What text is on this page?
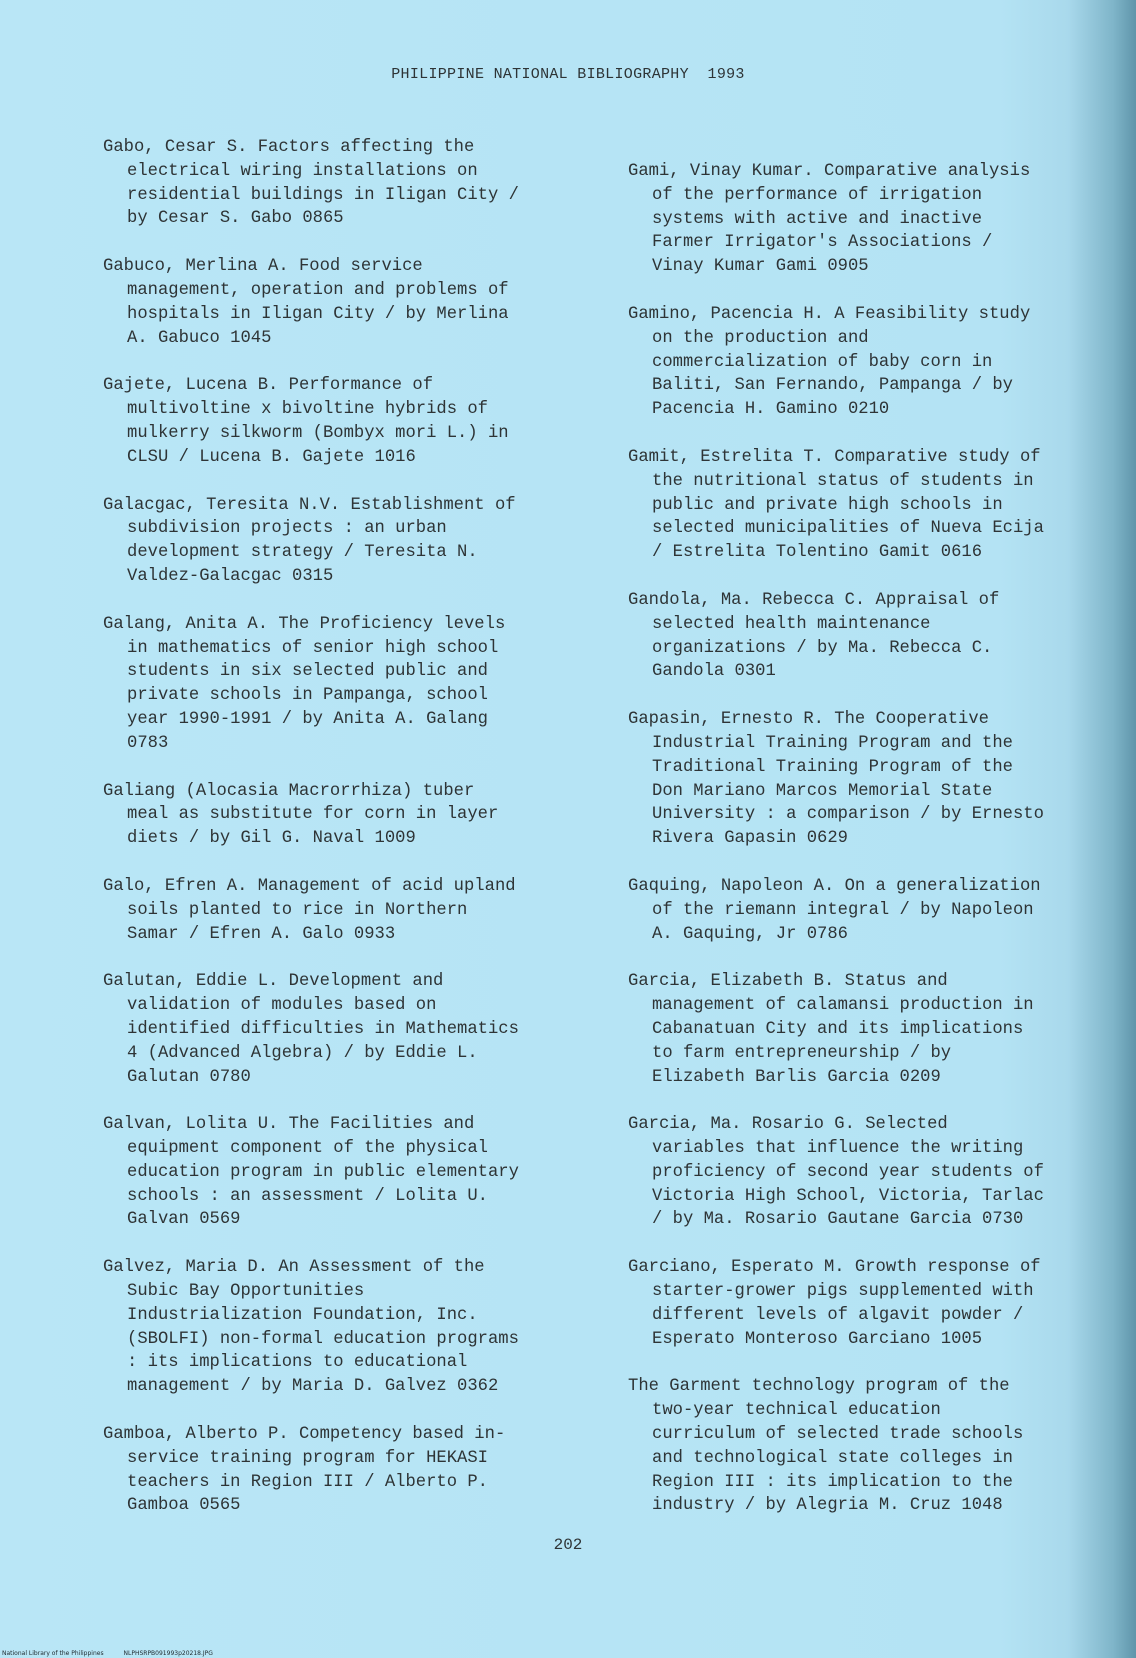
PHILIPPINE NATIONAL BIBLIOGRAPHY 1993
Gabo, Cesar S. Factors affecting the
electrical wiring installations on
residential buildings in Iligan City /
by Cesar S. Gabo 0865
Gabuco, Merlina A. Food service
management, operation and problems of
hospitals in Iligan City / by Merlina
A. Gabuco 1045
Gajete, Lucena B. Performance of
multivoltine x bivoltine hybrids of
mulkerry silkworm (Bombyx mori L.) in
CLSU / Lucena B. Gajete 1016
Galacgac, Teresita N.V. Establishment of
subdivision projects : an urban
development strategy / Teresita N.
Valdez-Galacgac 0315
Galang, Anita A. The Proficiency levels
in mathematics of senior high school
students in six selected public and
private schools in Pampanga, school
year 1990-1991 / by Anita A. Galang
0783
Galiang (Alocasia Macrorrhiza) tuber
meal as substitute for corn in layer
diets / by Gil G. Naval 1009
Galo, Efren A. Management of acid upland
soils planted to rice in Northern
Samar / Efren A. Galo 0933
Galutan, Eddie L. Development and
validation of modules based on
identified difficulties in Mathematics
4 (Advanced Algebra) / by Eddie L.
Galutan 0780
Galvan, Lolita U. The Facilities and
equipment component of the physical
education program in public elementary
schools : an assessment / Lolita U.
Galvan 0569
Galvez, Maria D. An Assessment of the
Subic Bay Opportunities
Industrialization Foundation, Inc.
(SBOLFI) non-formal education programs
: its implications to educational
management / by Maria D. Galvez 0362
Gamboa, Alberto P. Competency based in-
service training program for HEKASI
teachers in Region III / Alberto P.
Gamboa 0565
Gami, Vinay Kumar. Comparative analysis
of the performance of irrigation
systems with active and inactive
Farmer Irrigator's Associations /
Vinay Kumar Gami 0905
Gamino, Pacencia H. A Feasibility study
on the production and
commercialization of baby corn in
Baliti, San Fernando, Pampanga / by
Pacencia H. Gamino 0210
Gamit, Estrelita T. Comparative study of
the nutritional status of students in
public and private high schools in
selected municipalities of Nueva Ecija
/ Estrelita Tolentino Gamit 0616
Gandola, Ma. Rebecca C. Appraisal of
selected health maintenance
organizations / by Ma. Rebecca C.
Gandola 0301
Gapasin, Ernesto R. The Cooperative
Industrial Training Program and the
Traditional Training Program of the
Don Mariano Marcos Memorial State
University : a comparison / by Ernesto
Rivera Gapasin 0629
Gaquing, Napoleon A. On a generalization
of the riemann integral / by Napoleon
A. Gaquing, Jr 0786
Garcia, Elizabeth B. Status and
management of calamansi production in
Cabanatuan City and its implications
to farm entrepreneurship / by
Elizabeth Barlis Garcia 0209
Garcia, Ma. Rosario G. Selected
variables that influence the writing
proficiency of second year students of
Victoria High School, Victoria, Tarlac
/ by Ma. Rosario Gautane Garcia 0730
Garciano, Esperato M. Growth response of
starter-grower pigs supplemented with
different levels of algavit powder /
Esperato Monteroso Garciano 1005
The Garment technology program of the
two-year technical education
curriculum of selected trade schools
and technological state colleges in
Region III : its implication to the
industry / by Alegria M. Cruz 1048
202
National Library of the Philippines	NLPHSRPB091993p20218.JPG
